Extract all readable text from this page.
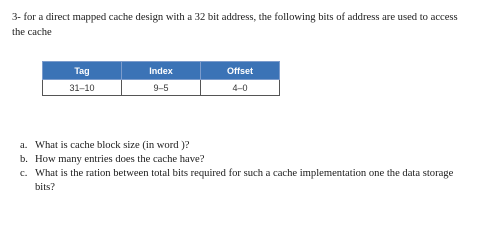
3- for a direct mapped cache design with a 32 bit address, the following bits of address are used to access the cache
Tag	Index	Offset
31–10	9–5	4–0
a. What is cache block size (in word )?
b. How many entries does the cache have?
c. What is the ration between total bits required for such a cache implementation one the data storage bits?
